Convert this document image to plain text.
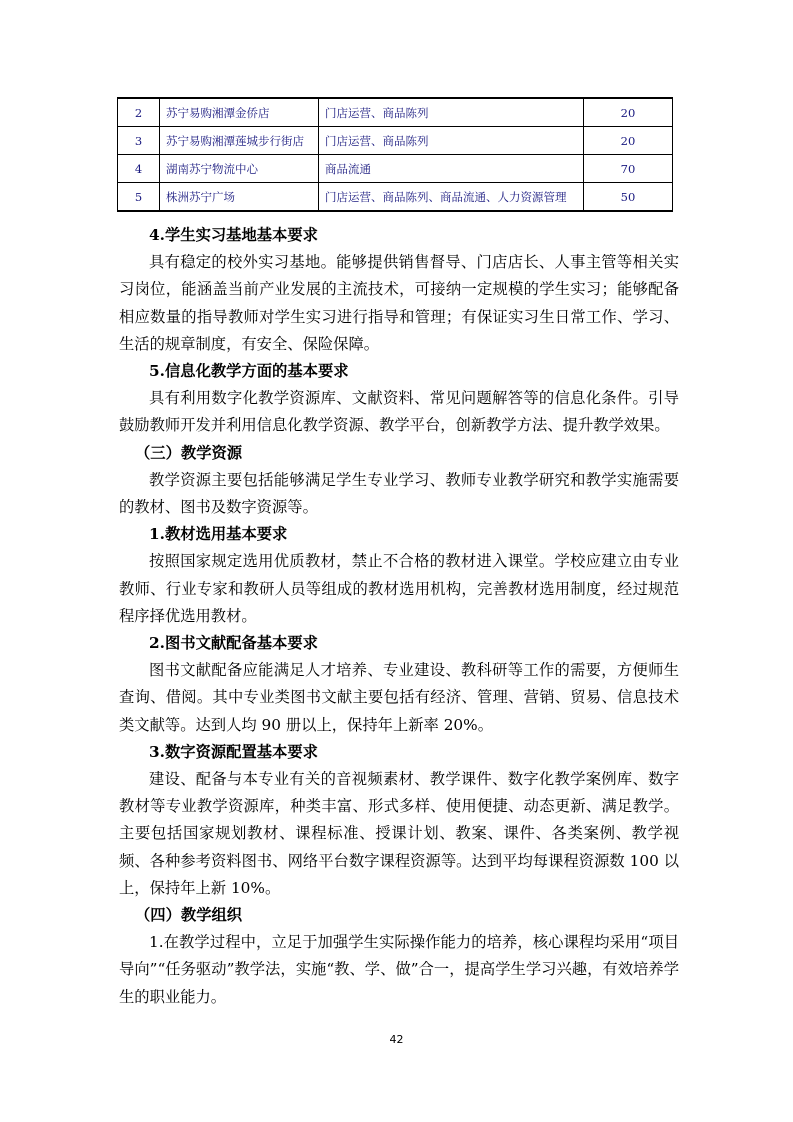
2	苏宁易购湘潭金侨店	门店运营、商品陈列	20
3	苏宁易购湘潭莲城步行街店	门店运营、商品陈列	20
4	湖南苏宁物流中心	商品流通	70
5	株洲苏宁广场	门店运营、商品陈列、商品流通、人力资源管理	50

4.学生实习基地基本要求

具有稳定的校外实习基地。能够提供销售督导、门店店长、人事主管等相关实习岗位，能涵盖当前产业发展的主流技术，可接纳一定规模的学生实习；能够配备相应数量的指导教师对学生实习进行指导和管理；有保证实习生日常工作、学习、生活的规章制度，有安全、保险保障。

5.信息化教学方面的基本要求

具有利用数字化教学资源库、文献资料、常见问题解答等的信息化条件。引导鼓励教师开发并利用信息化教学资源、教学平台，创新教学方法、提升教学效果。

（三）教学资源

教学资源主要包括能够满足学生专业学习、教师专业教学研究和教学实施需要的教材、图书及数字资源等。

1.教材选用基本要求

按照国家规定选用优质教材，禁止不合格的教材进入课堂。学校应建立由专业教师、行业专家和教研人员等组成的教材选用机构，完善教材选用制度，经过规范程序择优选用教材。

2.图书文献配备基本要求

图书文献配备应能满足人才培养、专业建设、教科研等工作的需要，方便师生查询、借阅。其中专业类图书文献主要包括有经济、管理、营销、贸易、信息技术类文献等。达到人均 90 册以上，保持年上新率 20%。

3.数字资源配置基本要求

建设、配备与本专业有关的音视频素材、教学课件、数字化教学案例库、数字教材等专业教学资源库，种类丰富、形式多样、使用便捷、动态更新、满足教学。主要包括国家规划教材、课程标准、授课计划、教案、课件、各类案例、教学视频、各种参考资料图书、网络平台数字课程资源等。达到平均每课程资源数 100 以上，保持年上新 10%。

（四）教学组织

1.在教学过程中，立足于加强学生实际操作能力的培养，核心课程均采用“项目导向”“任务驱动”教学法，实施“教、学、做”合一，提高学生学习兴趣，有效培养学生的职业能力。

42
